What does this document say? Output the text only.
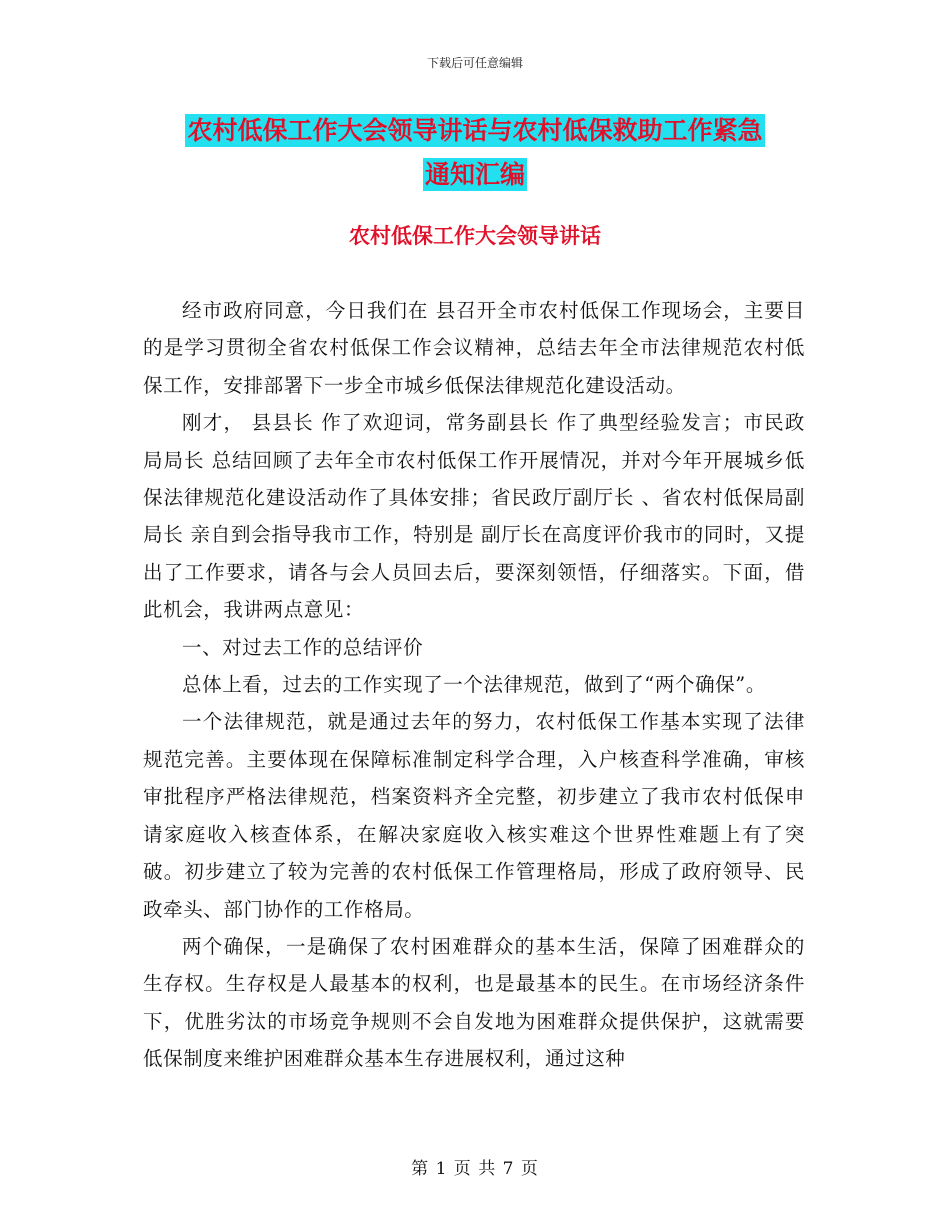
下载后可任意编辑
农村低保工作大会领导讲话与农村低保救助工作紧急
通知汇编
农村低保工作大会领导讲话

经市政府同意，今日我们在 县召开全市农村低保工作现场会，主要目的是学习贯彻全省农村低保工作会议精神，总结去年全市法律规范农村低保工作，安排部署下一步全市城乡低保法律规范化建设活动。

刚才， 县县长 作了欢迎词，常务副县长 作了典型经验发言；市民政局局长 总结回顾了去年全市农村低保工作开展情况，并对今年开展城乡低保法律规范化建设活动作了具体安排；省民政厅副厅长 、省农村低保局副局长 亲自到会指导我市工作，特别是 副厅长在高度评价我市的同时，又提出了工作要求，请各与会人员回去后，要深刻领悟，仔细落实。下面，借此机会，我讲两点意见：

一、对过去工作的总结评价

总体上看，过去的工作实现了一个法律规范，做到了“两个确保”。

一个法律规范，就是通过去年的努力，农村低保工作基本实现了法律规范完善。主要体现在保障标准制定科学合理，入户核查科学准确，审核审批程序严格法律规范，档案资料齐全完整，初步建立了我市农村低保申请家庭收入核查体系，在解决家庭收入核实难这个世界性难题上有了突破。初步建立了较为完善的农村低保工作管理格局，形成了政府领导、民政牵头、部门协作的工作格局。

两个确保，一是确保了农村困难群众的基本生活，保障了困难群众的生存权。生存权是人最基本的权利，也是最基本的民生。在市场经济条件下，优胜劣汰的市场竞争规则不会自发地为困难群众提供保护，这就需要低保制度来维护困难群众基本生存进展权利，通过这种

第 1 页 共 7 页
